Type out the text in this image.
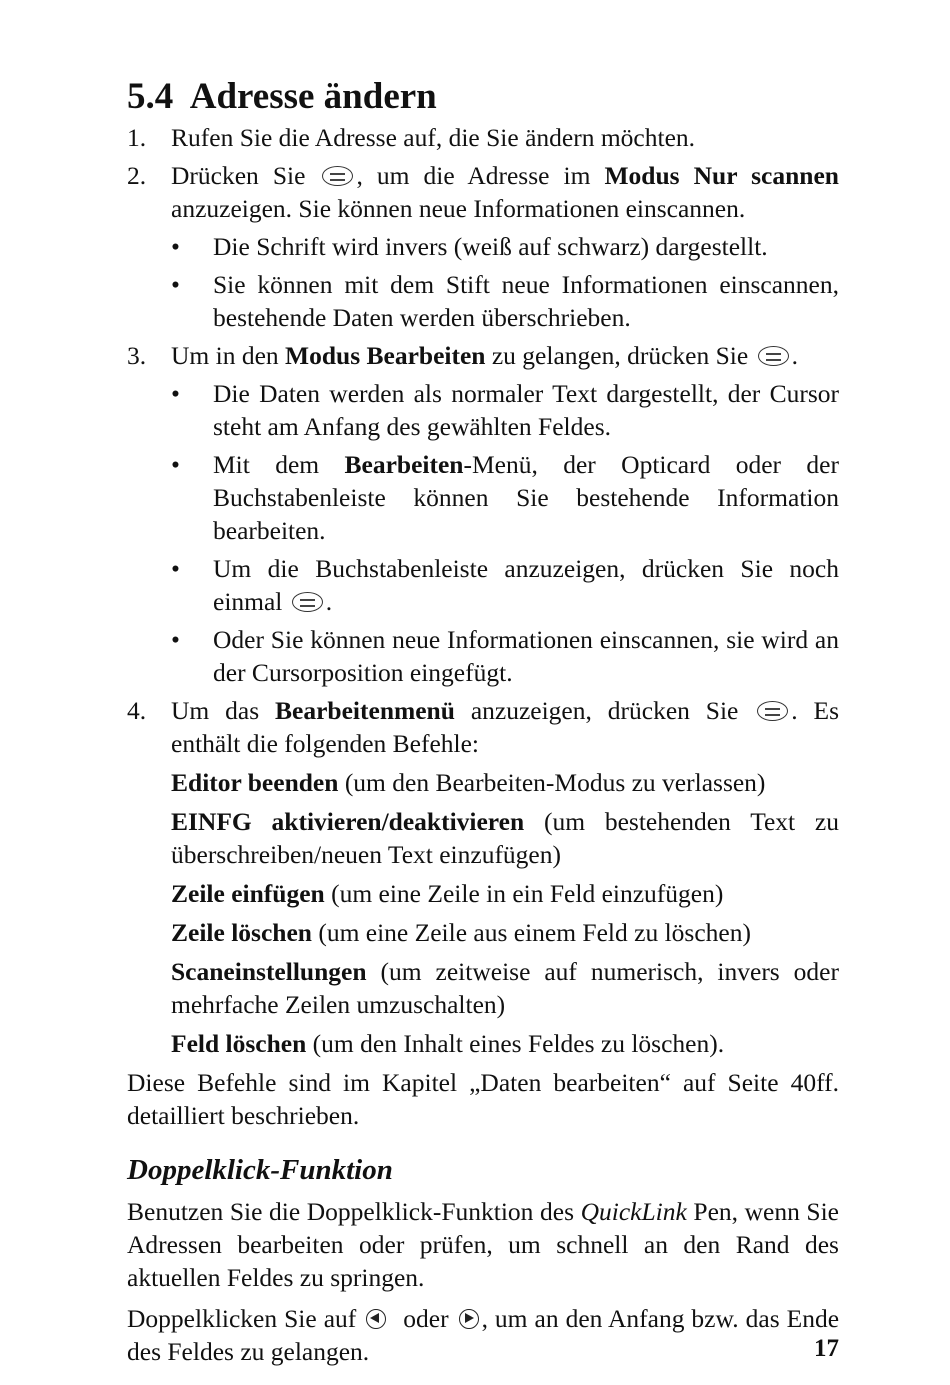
5.4 Adresse ändern
1. Rufen Sie die Adresse auf, die Sie ändern möchten.
2. Drücken Sie , um die Adresse im Modus Nur scannen anzuzeigen. Sie können neue Informationen einscannen.
• Die Schrift wird invers (weiß auf schwarz) dargestellt.
• Sie können mit dem Stift neue Informationen einscannen, bestehende Daten werden überschrieben.
3. Um in den Modus Bearbeiten zu gelangen, drücken Sie .
• Die Daten werden als normaler Text dargestellt, der Cursor steht am Anfang des gewählten Feldes.
• Mit dem Bearbeiten-Menü, der Opticard oder der Buchstabenleiste können Sie bestehende Information bearbeiten.
• Um die Buchstabenleiste anzuzeigen, drücken Sie noch einmal .
• Oder Sie können neue Informationen einscannen, sie wird an der Cursorposition eingefügt.
4. Um das Bearbeitenmenü anzuzeigen, drücken Sie . Es enthält die folgenden Befehle:

Editor beenden (um den Bearbeiten-Modus zu verlassen)

EINFG aktivieren/deaktivieren (um bestehenden Text zu überschreiben/neuen Text einzufügen)

Zeile einfügen (um eine Zeile in ein Feld einzufügen)

Zeile löschen (um eine Zeile aus einem Feld zu löschen)

Scaneinstellungen (um zeitweise auf numerisch, invers oder mehrfache Zeilen umzuschalten)

Feld löschen (um den Inhalt eines Feldes zu löschen).

Diese Befehle sind im Kapitel „Daten bearbeiten“ auf Seite 40ff. detailliert beschrieben.

Doppelklick-Funktion

Benutzen Sie die Doppelklick-Funktion des QuickLink Pen, wenn Sie Adressen bearbeiten oder prüfen, um schnell an den Rand des aktuellen Feldes zu springen.

Doppelklicken Sie auf oder , um an den Anfang bzw. das Ende des Feldes zu gelangen.	17
